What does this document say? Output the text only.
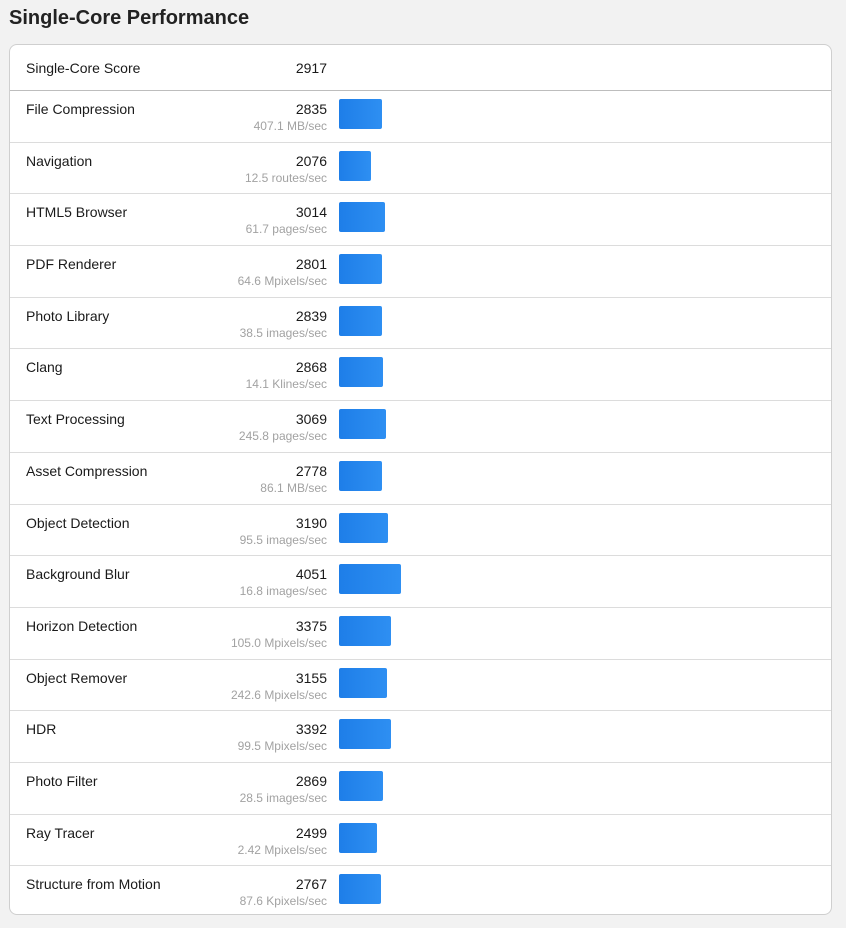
Single-Core Performance
Single-Core Score	2917
File Compression	2835
407.1 MB/sec
Navigation	2076
12.5 routes/sec
HTML5 Browser	3014
61.7 pages/sec
PDF Renderer	2801
64.6 Mpixels/sec
Photo Library	2839
38.5 images/sec
Clang	2868
14.1 Klines/sec
Text Processing	3069
245.8 pages/sec
Asset Compression	2778
86.1 MB/sec
Object Detection	3190
95.5 images/sec
Background Blur	4051
16.8 images/sec
Horizon Detection	3375
105.0 Mpixels/sec
Object Remover	3155
242.6 Mpixels/sec
HDR	3392
99.5 Mpixels/sec
Photo Filter	2869
28.5 images/sec
Ray Tracer	2499
2.42 Mpixels/sec
Structure from Motion	2767
87.6 Kpixels/sec
